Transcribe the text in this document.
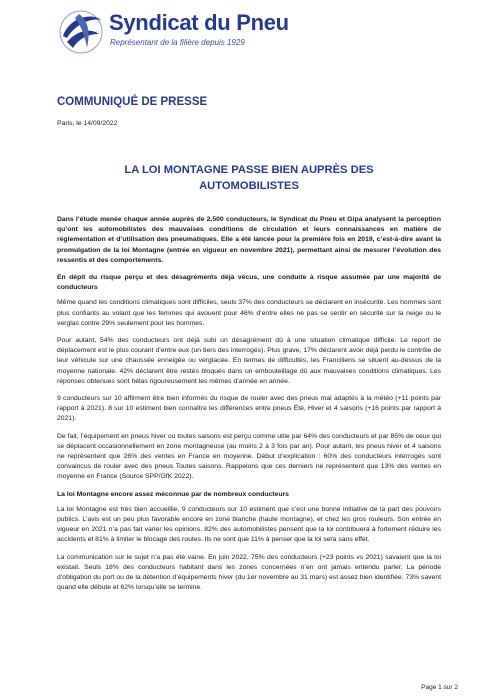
Syndicat du Pneu
Représentant de la filière depuis 1929
COMMUNIQUÉ DE PRESSE
Paris, le 14/09/2022
LA LOI MONTAGNE PASSE BIEN AUPRÈS DES
AUTOMOBILISTES

Dans l’étude menée chaque année auprès de 2.500 conducteurs, le Syndicat du Pneu et Gipa analysent la perception qu’ont les automobilistes des mauvaises conditions de circulation et leurs connaissances en matière de réglementation et d’utilisation des pneumatiques. Elle a été lancée pour la première fois en 2019, c’est-à-dire avant la promulgation de la loi Montagne (entrée en vigueur en novembre 2021), permettant ainsi de mesurer l’évolution des ressentis et des comportements.

En dépit du risque perçu et des désagréments déjà vécus, une conduite à risque assumée par une majorité de conducteurs

Même quand les conditions climatiques sont difficiles, seuls 37% des conducteurs se déclarent en insécurité. Les hommes sont plus confiants au volant que les femmes qui avouent pour 46% d’entre elles ne pas se sentir en sécurité sur la neige ou le verglas contre 29% seulement pour les hommes.

Pour autant, 54% des conducteurs ont déjà subi un désagrément dû à une situation climatique difficile. Le report de déplacement est le plus courant d’entre eux (un tiers des interrogés). Plus grave, 17% déclarent avoir déjà perdu le contrôle de leur véhicule sur une chaussée enneigée ou verglacée. En termes de difficultés, les Franciliens se situent au-dessus de la moyenne nationale. 42% déclarent être restés bloqués dans un embouteillage dû aux mauvaises conditions climatiques. Les réponses obtenues sont hélas rigoureusement les mêmes d’année en année.

9 conducteurs sur 10 affirment être bien informés du risque de rouler avec des pneus mal adaptés à la météo (+11 points par rapport à 2021). 8 sur 10 estiment bien connaître les différences entre pneus Été, Hiver et 4 saisons (+16 points par rapport à 2021).

De fait, l’équipement en pneus hiver ou toutes saisons est perçu comme utile par 64% des conducteurs et par 85% de ceux qui se déplacent occasionnellement en zone montagneuse (au moins 2 à 3 fois par an). Pour autant, les pneus hiver et 4 saisons ne représentent que 26% des ventes en France en moyenne. Début d’explication : 60% des conducteurs interrogés sont convaincus de rouler avec des pneus Toutes saisons. Rappelons que ces derniers ne représentent que 13% des ventes en moyenne en France (Source SPP/GfK 2022).

La loi Montagne encore assez méconnue par de nombreux conducteurs

La loi Montagne est très bien accueillie, 9 conducteurs sur 10 estiment que c’est une bonne initiative de la part des pouvoirs publics. L’avis est un peu plus favorable encore en zone blanche (haute montagne), et chez les gros rouleurs. Son entrée en vigueur en 2021 n’a pas fait varier les opinions. 82% des automobilistes pensent que la loi contribuera à fortement réduire les accidents et 81% à limiter le blocage des routes. Ils ne sont que 11% à penser que la loi sera sans effet.

La communication sur le sujet n’a pas été vaine. En juin 2022, 75% des conducteurs (+23 points vs 2021) savaient que la loi existait. Seuls 18% des conducteurs habitant dans les zones concernées n’en ont jamais entendu parler. La période d’obligation du port ou de la détention d’équipements hiver (du 1er novembre au 31 mars) est assez bien identifiée. 73% savent quand elle débute et 62% lorsqu’elle se termine.

Page 1 sur 2
